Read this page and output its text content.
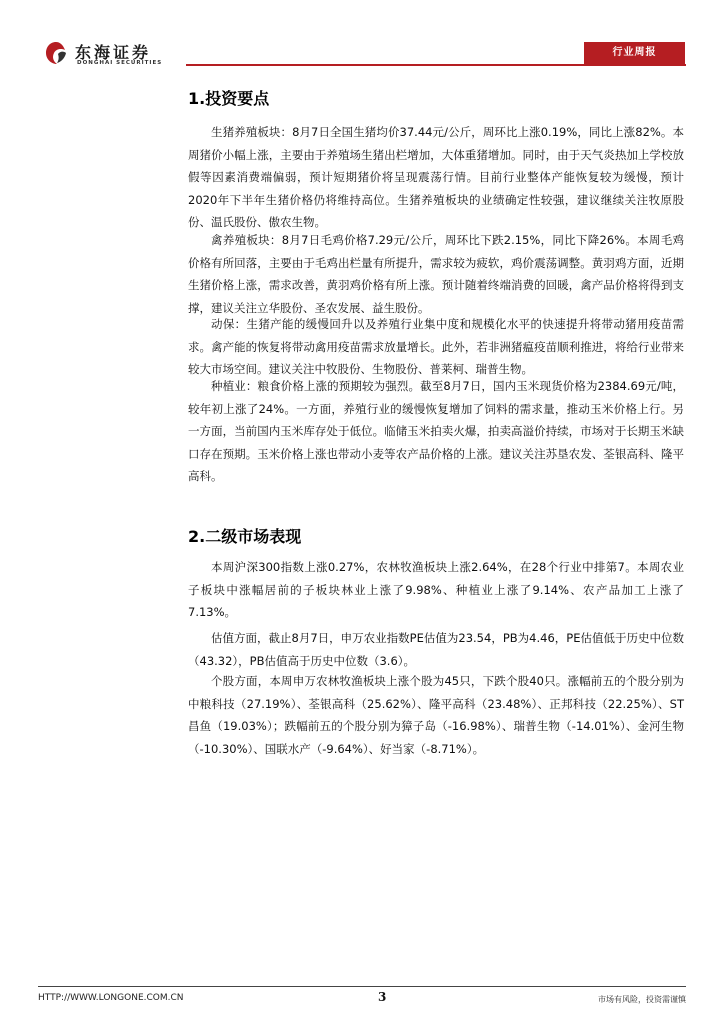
东海证券
DONGHAI SECURITIES
行业周报
1.投资要点
生猪养殖板块：8月7日全国生猪均价37.44元/公斤，周环比上涨0.19%，同比上涨82%。本周猪价小幅上涨，主要由于养殖场生猪出栏增加，大体重猪增加。同时，由于天气炎热加上学校放假等因素消费端偏弱，预计短期猪价将呈现震荡行情。目前行业整体产能恢复较为缓慢，预计2020年下半年生猪价格仍将维持高位。生猪养殖板块的业绩确定性较强，建议继续关注牧原股份、温氏股份、傲农生物。
禽养殖板块：8月7日毛鸡价格7.29元/公斤，周环比下跌2.15%，同比下降26%。本周毛鸡价格有所回落，主要由于毛鸡出栏量有所提升，需求较为疲软，鸡价震荡调整。黄羽鸡方面，近期生猪价格上涨，需求改善，黄羽鸡价格有所上涨。预计随着终端消费的回暖，禽产品价格将得到支撑，建议关注立华股份、圣农发展、益生股份。
动保：生猪产能的缓慢回升以及养殖行业集中度和规模化水平的快速提升将带动猪用疫苗需求。禽产能的恢复将带动禽用疫苗需求放量增长。此外，若非洲猪瘟疫苗顺利推进，将给行业带来较大市场空间。建议关注中牧股份、生物股份、普莱柯、瑞普生物。
种植业：粮食价格上涨的预期较为强烈。截至8月7日，国内玉米现货价格为2384.69元/吨，较年初上涨了24%。一方面，养殖行业的缓慢恢复增加了饲料的需求量，推动玉米价格上行。另一方面，当前国内玉米库存处于低位。临储玉米拍卖火爆，拍卖高溢价持续，市场对于长期玉米缺口存在预期。玉米价格上涨也带动小麦等农产品价格的上涨。建议关注苏垦农发、荃银高科、隆平高科。
2.二级市场表现
本周沪深300指数上涨0.27%，农林牧渔板块上涨2.64%，在28个行业中排第7。本周农业子板块中涨幅居前的子板块林业上涨了9.98%、种植业上涨了9.14%、农产品加工上涨了7.13%。
估值方面，截止8月7日，申万农业指数PE估值为23.54，PB为4.46，PE估值低于历史中位数（43.32），PB估值高于历史中位数（3.6）。
个股方面，本周申万农林牧渔板块上涨个股为45只，下跌个股40只。涨幅前五的个股分别为中粮科技（27.19%）、荃银高科（25.62%）、隆平高科（23.48%）、正邦科技（22.25%）、ST昌鱼（19.03%）；跌幅前五的个股分别为獐子岛（-16.98%）、瑞普生物（-14.01%）、金河生物（-10.30%）、国联水产（-9.64%）、好当家（-8.71%）。
HTTP://WWW.LONGONE.COM.CN	3	市场有风险，投资需谨慎
